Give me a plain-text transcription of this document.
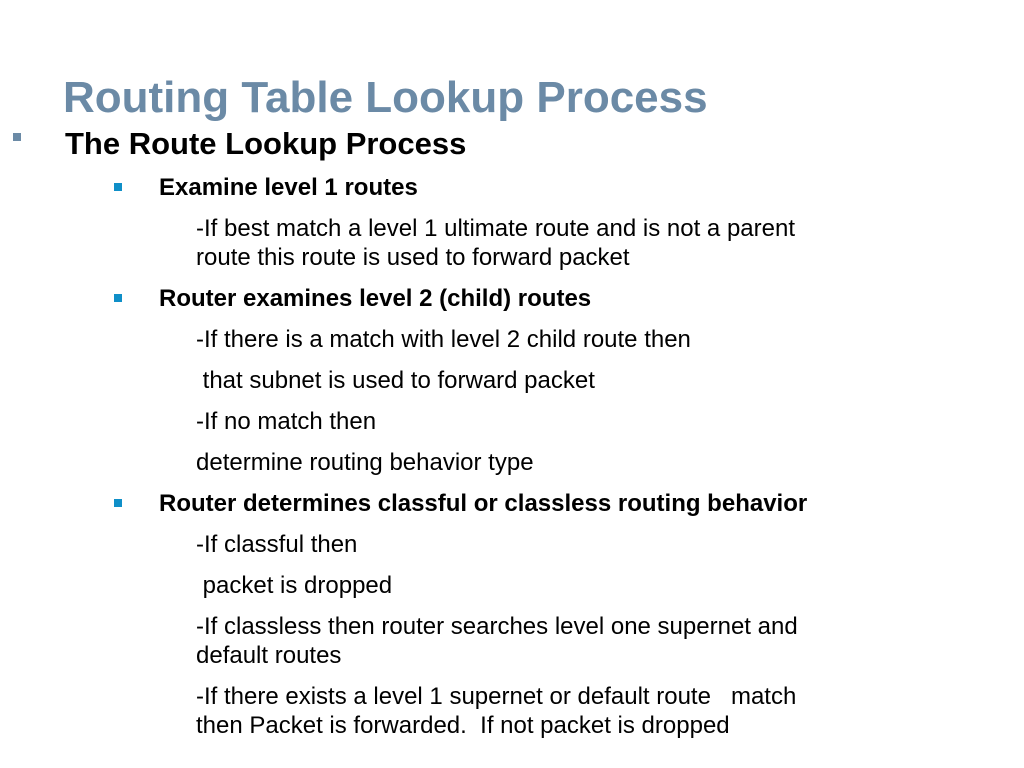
Routing Table Lookup Process
The Route Lookup Process
Examine level 1 routes
-If best match a level 1 ultimate route and is not a parent
route this route is used to forward packet
Router examines level 2 (child) routes
-If there is a match with level 2 child route then
that subnet is used to forward packet
-If no match then
determine routing behavior type
Router determines classful or classless routing behavior
-If classful then
packet is dropped
-If classless then router searches level one supernet and
default routes
-If there exists a level 1 supernet or default route   match
then Packet is forwarded.  If not packet is dropped
